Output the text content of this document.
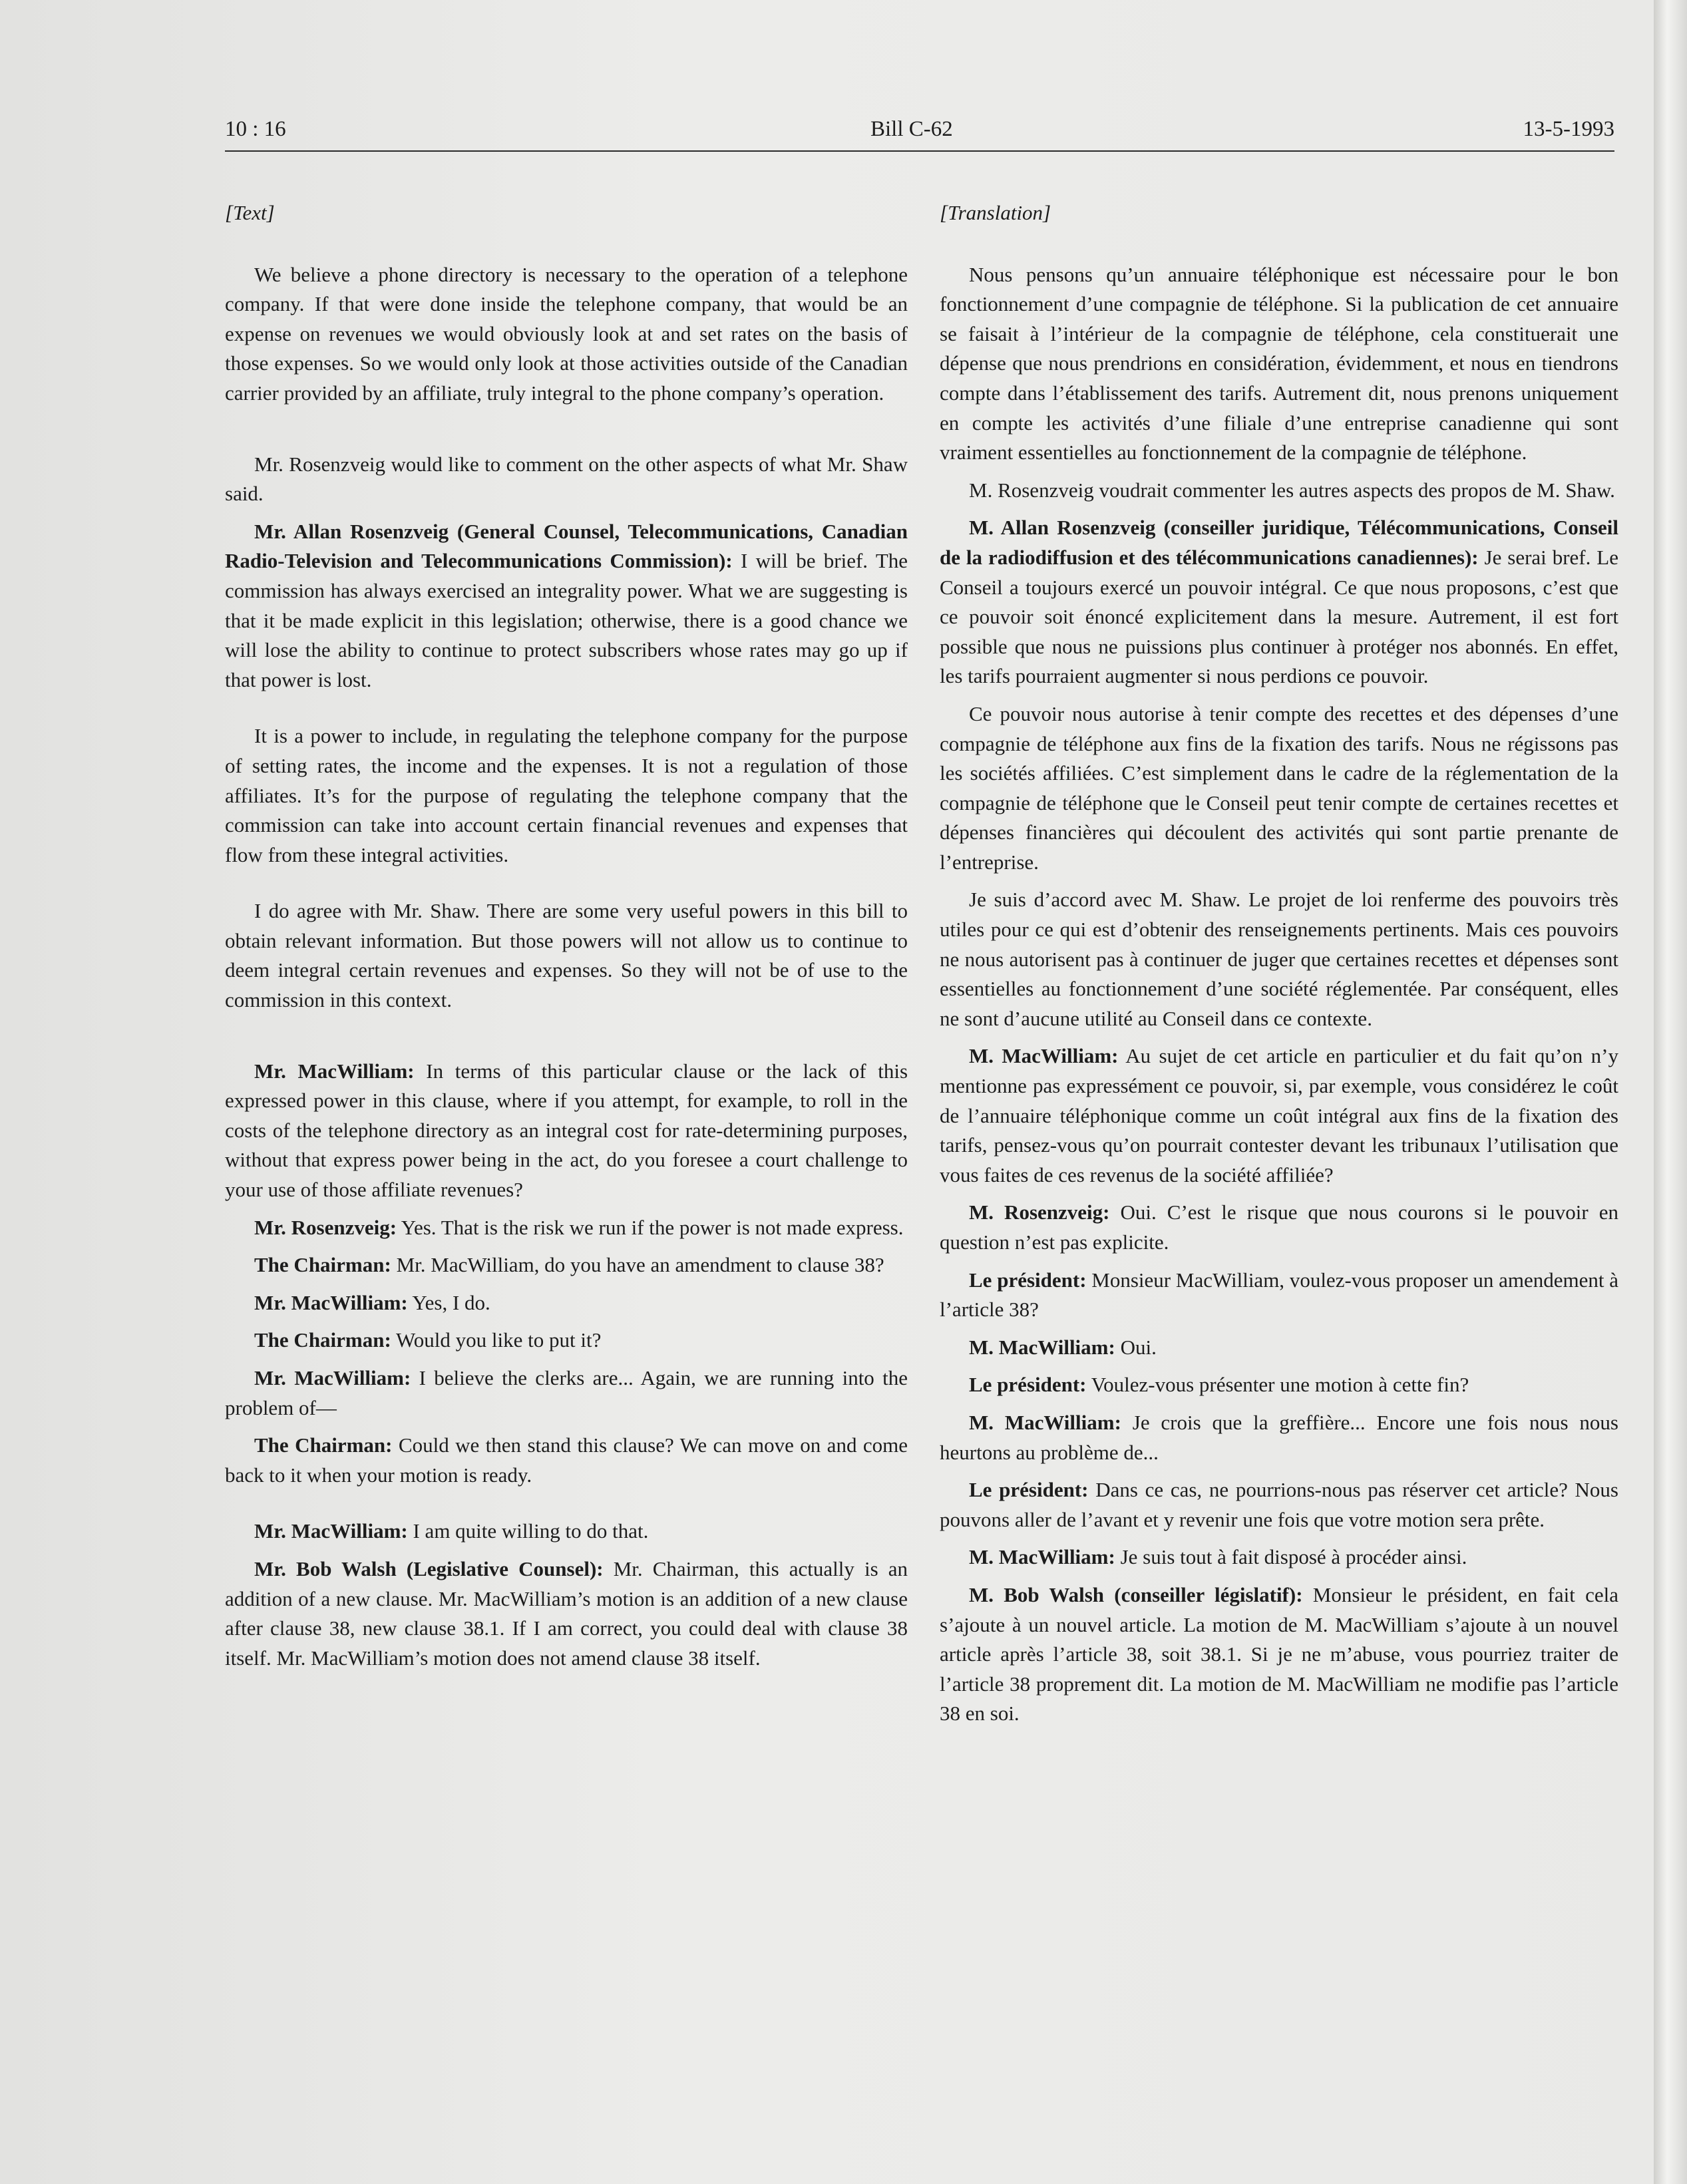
10 : 16	Bill C-62	13-5-1993
[Text]

We believe a phone directory is necessary to the operation of a telephone company. If that were done inside the telephone company, that would be an expense on revenues we would obviously look at and set rates on the basis of those expenses. So we would only look at those activities outside of the Canadian carrier provided by an affiliate, truly integral to the phone company’s operation.

Mr. Rosenzveig would like to comment on the other aspects of what Mr. Shaw said.

Mr. Allan Rosenzveig (General Counsel, Telecommunications, Canadian Radio-Television and Telecommunications Commission): I will be brief. The commission has always exercised an integrality power. What we are suggesting is that it be made explicit in this legislation; otherwise, there is a good chance we will lose the ability to continue to protect subscribers whose rates may go up if that power is lost.

It is a power to include, in regulating the telephone company for the purpose of setting rates, the income and the expenses. It is not a regulation of those affiliates. It’s for the purpose of regulating the telephone company that the commission can take into account certain financial revenues and expenses that flow from these integral activities.

I do agree with Mr. Shaw. There are some very useful powers in this bill to obtain relevant information. But those powers will not allow us to continue to deem integral certain revenues and expenses. So they will not be of use to the commission in this context.

Mr. MacWilliam: In terms of this particular clause or the lack of this expressed power in this clause, where if you attempt, for example, to roll in the costs of the telephone directory as an integral cost for rate-determining purposes, without that express power being in the act, do you foresee a court challenge to your use of those affiliate revenues?

Mr. Rosenzveig: Yes. That is the risk we run if the power is not made express.

The Chairman: Mr. MacWilliam, do you have an amendment to clause 38?

Mr. MacWilliam: Yes, I do.

The Chairman: Would you like to put it?

Mr. MacWilliam: I believe the clerks are... Again, we are running into the problem of—

The Chairman: Could we then stand this clause? We can move on and come back to it when your motion is ready.

Mr. MacWilliam: I am quite willing to do that.

Mr. Bob Walsh (Legislative Counsel): Mr. Chairman, this actually is an addition of a new clause. Mr. MacWilliam’s motion is an addition of a new clause after clause 38, new clause 38.1. If I am correct, you could deal with clause 38 itself. Mr. MacWilliam’s motion does not amend clause 38 itself.

[Translation]

Nous pensons qu’un annuaire téléphonique est nécessaire pour le bon fonctionnement d’une compagnie de téléphone. Si la publication de cet annuaire se faisait à l’intérieur de la compagnie de téléphone, cela constituerait une dépense que nous prendrions en considération, évidemment, et nous en tiendrons compte dans l’établissement des tarifs. Autrement dit, nous prenons uniquement en compte les activités d’une filiale d’une entreprise canadienne qui sont vraiment essentielles au fonctionnement de la compagnie de téléphone.

M. Rosenzveig voudrait commenter les autres aspects des propos de M. Shaw.

M. Allan Rosenzveig (conseiller juridique, Télécommunications, Conseil de la radiodiffusion et des télécommunications canadiennes): Je serai bref. Le Conseil a toujours exercé un pouvoir intégral. Ce que nous proposons, c’est que ce pouvoir soit énoncé explicitement dans la mesure. Autrement, il est fort possible que nous ne puissions plus continuer à protéger nos abonnés. En effet, les tarifs pourraient augmenter si nous perdions ce pouvoir.

Ce pouvoir nous autorise à tenir compte des recettes et des dépenses d’une compagnie de téléphone aux fins de la fixation des tarifs. Nous ne régissons pas les sociétés affiliées. C’est simplement dans le cadre de la réglementation de la compagnie de téléphone que le Conseil peut tenir compte de certaines recettes et dépenses financières qui découlent des activités qui sont partie prenante de l’entreprise.

Je suis d’accord avec M. Shaw. Le projet de loi renferme des pouvoirs très utiles pour ce qui est d’obtenir des renseignements pertinents. Mais ces pouvoirs ne nous autorisent pas à continuer de juger que certaines recettes et dépenses sont essentielles au fonctionnement d’une société réglementée. Par conséquent, elles ne sont d’aucune utilité au Conseil dans ce contexte.

M. MacWilliam: Au sujet de cet article en particulier et du fait qu’on n’y mentionne pas expressément ce pouvoir, si, par exemple, vous considérez le coût de l’annuaire téléphonique comme un coût intégral aux fins de la fixation des tarifs, pensez-vous qu’on pourrait contester devant les tribunaux l’utilisation que vous faites de ces revenus de la société affiliée?

M. Rosenzveig: Oui. C’est le risque que nous courons si le pouvoir en question n’est pas explicite.

Le président: Monsieur MacWilliam, voulez-vous proposer un amendement à l’article 38?

M. MacWilliam: Oui.

Le président: Voulez-vous présenter une motion à cette fin?

M. MacWilliam: Je crois que la greffière... Encore une fois nous nous heurtons au problème de...

Le président: Dans ce cas, ne pourrions-nous pas réserver cet article? Nous pouvons aller de l’avant et y revenir une fois que votre motion sera prête.

M. MacWilliam: Je suis tout à fait disposé à procéder ainsi.

M. Bob Walsh (conseiller législatif): Monsieur le président, en fait cela s’ajoute à un nouvel article. La motion de M. MacWilliam s’ajoute à un nouvel article après l’article 38, soit 38.1. Si je ne m’abuse, vous pourriez traiter de l’article 38 proprement dit. La motion de M. MacWilliam ne modifie pas l’article 38 en soi.
